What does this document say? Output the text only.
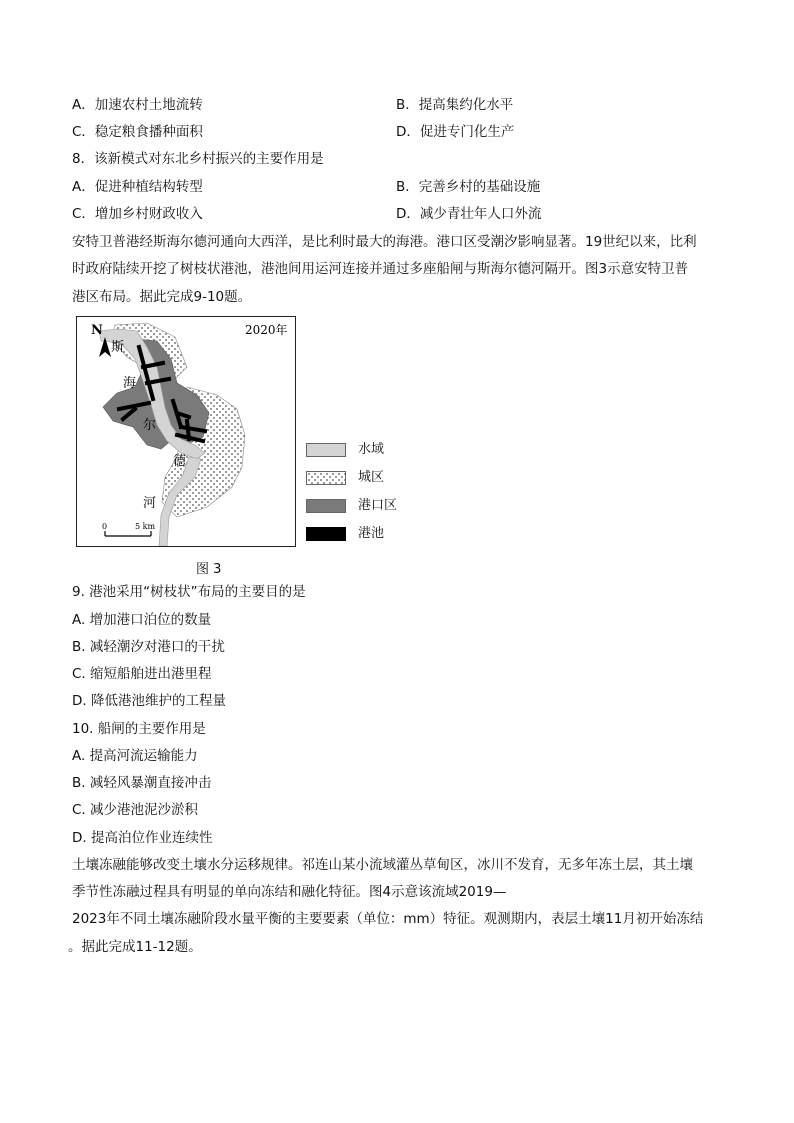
A．加速农村土地流转	B．提高集约化水平
C．稳定粮食播种面积	D．促进专门化生产
8．该新模式对东北乡村振兴的主要作用是
A．促进种植结构转型	B．完善乡村的基础设施
C．增加乡村财政收入	D．减少青壮年人口外流
安特卫普港经斯海尔德河通向大西洋，是比利时最大的海港。港口区受潮汐影响显著。19世纪以来，比利
时政府陆续开挖了树枝状港池，港池间用运河连接并通过多座船闸与斯海尔德河隔开。图3示意安特卫普
港区布局。据此完成9-10题。
N	2020年
斯
海
尔
德
河
0	5 km
水域
城区
港口区
港池
图 3
9. 港池采用“树枝状”布局的主要目的是
A. 增加港口泊位的数量
B. 减轻潮汐对港口的干扰
C. 缩短船舶进出港里程
D. 降低港池维护的工程量
10. 船闸的主要作用是
A. 提高河流运输能力
B. 减轻风暴潮直接冲击
C. 减少港池泥沙淤积
D. 提高泊位作业连续性
土壤冻融能够改变土壤水分运移规律。祁连山某小流域灌丛草甸区，冰川不发育，无多年冻土层，其土壤
季节性冻融过程具有明显的单向冻结和融化特征。图4示意该流域2019—
2023年不同土壤冻融阶段水量平衡的主要要素（单位：mm）特征。观测期内，表层土壤11月初开始冻结
。据此完成11-12题。
